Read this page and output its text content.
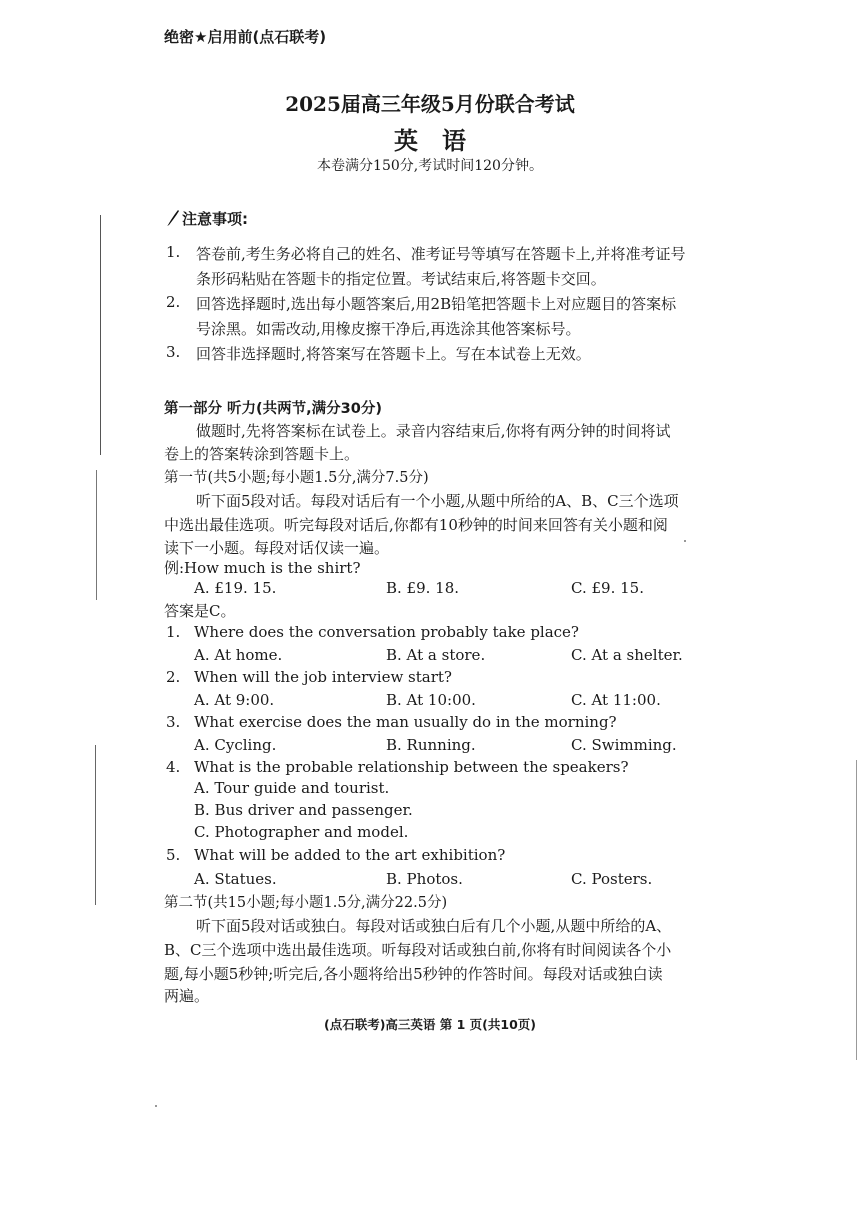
绝密★启用前(点石联考)
2025届高三年级5月份联合考试
英语
本卷满分150分,考试时间120分钟。
注意事项:
1. 答卷前,考生务必将自己的姓名、准考证号等填写在答题卡上,并将准考证号
条形码粘贴在答题卡的指定位置。考试结束后,将答题卡交回。
2. 回答选择题时,选出每小题答案后,用2B铅笔把答题卡上对应题目的答案标
号涂黑。如需改动,用橡皮擦干净后,再选涂其他答案标号。
3. 回答非选择题时,将答案写在答题卡上。写在本试卷上无效。
第一部分 听力(共两节,满分30分)
做题时,先将答案标在试卷上。录音内容结束后,你将有两分钟的时间将试
卷上的答案转涂到答题卡上。
第一节(共5小题;每小题1.5分,满分7.5分)
听下面5段对话。每段对话后有一个小题,从题中所给的A、B、C三个选项
中选出最佳选项。听完每段对话后,你都有10秒钟的时间来回答有关小题和阅
读下一小题。每段对话仅读一遍。
例:How much is the shirt?
A. £19. 15.	B. £9. 18.	C. £9. 15.
答案是C。
1. Where does the conversation probably take place?
A. At home.	B. At a store.	C. At a shelter.
2. When will the job interview start?
A. At 9:00.	B. At 10:00.	C. At 11:00.
3. What exercise does the man usually do in the morning?
A. Cycling.	B. Running.	C. Swimming.
4. What is the probable relationship between the speakers?
A. Tour guide and tourist.
B. Bus driver and passenger.
C. Photographer and model.
5. What will be added to the art exhibition?
A. Statues.	B. Photos.	C. Posters.
第二节(共15小题;每小题1.5分,满分22.5分)
听下面5段对话或独白。每段对话或独白后有几个小题,从题中所给的A、
B、C三个选项中选出最佳选项。听每段对话或独白前,你将有时间阅读各个小
题,每小题5秒钟;听完后,各小题将给出5秒钟的作答时间。每段对话或独白读
两遍。
(点石联考)高三英语 第 1 页(共10页)
